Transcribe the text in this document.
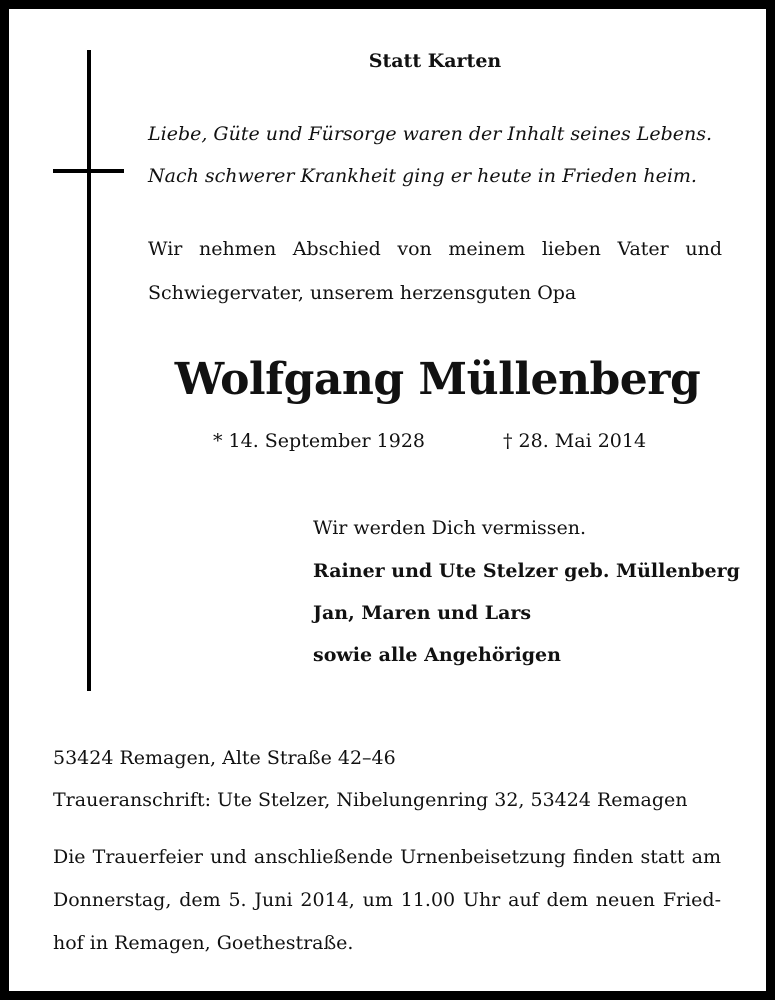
Statt Karten
Liebe, Güte und Fürsorge waren der Inhalt seines Lebens.
Nach schwerer Krankheit ging er heute in Frieden heim.
Wir nehmen Abschied von meinem lieben Vater und
Schwiegervater, unserem herzensguten Opa
Wolfgang Müllenberg
* 14. September 1928	† 28. Mai 2014
Wir werden Dich vermissen.
Rainer und Ute Stelzer geb. Müllenberg
Jan, Maren und Lars
sowie alle Angehörigen
53424 Remagen, Alte Straße 42–46
Traueranschrift: Ute Stelzer, Nibelungenring 32, 53424 Remagen
Die Trauerfeier und anschließende Urnenbeisetzung finden statt am
Donnerstag, dem 5. Juni 2014, um 11.00 Uhr auf dem neuen Fried-
hof in Remagen, Goethestraße.
